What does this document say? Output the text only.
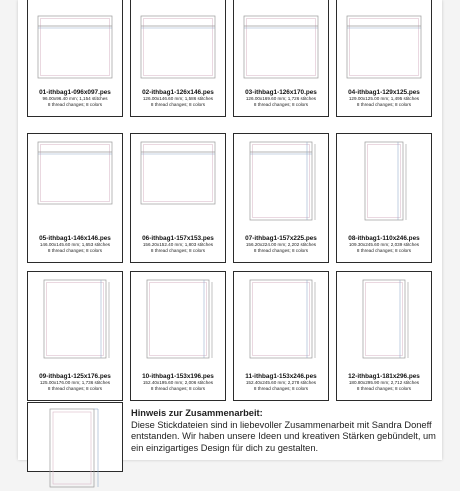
01-ithbag1-096x097.pes
96.00x96.40 mm; 1,154 stitches
8 thread changes; 8 colors
02-ithbag1-126x146.pes
126.00x146.60 mm; 1,586 stitches
8 thread changes; 8 colors
03-ithbag1-126x170.pes
126.00x169.60 mm; 1,726 stitches
8 thread changes; 8 colors
04-ithbag1-129x125.pes
129.00x125.00 mm; 1,495 stitches
8 thread changes; 8 colors
05-ithbag1-146x146.pes
146.00x145.60 mm; 1,653 stitches
8 thread changes; 8 colors
06-ithbag1-157x153.pes
156.20x152.40 mm; 1,803 stitches
8 thread changes; 8 colors
07-ithbag1-157x225.pes
156.20x224.00 mm; 2,202 stitches
8 thread changes; 8 colors
08-ithbag1-110x246.pes
109.30x245.60 mm; 2,039 stitches
8 thread changes; 8 colors
09-ithbag1-125x176.pes
125.00x176.00 mm; 1,736 stitches
8 thread changes; 8 colors
10-ithbag1-153x196.pes
152.40x195.60 mm; 2,006 stitches
8 thread changes; 8 colors
11-ithbag1-153x246.pes
152.40x245.60 mm; 2,278 stitches
8 thread changes; 8 colors
12-ithbag1-181x296.pes
180.80x295.90 mm; 2,712 stitches
8 thread changes; 8 colors
Hinweis zur Zusammenarbeit:
Diese Stickdateien sind in liebevoller Zusammenarbeit mit Sandra Doneff entstanden. Wir haben unsere Ideen und kreativen Stärken gebündelt, um ein einzigartiges Design für dich zu gestalten.
